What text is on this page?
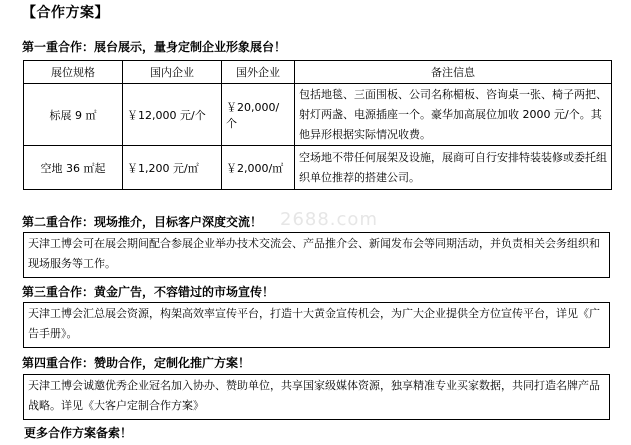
【合作方案】
2688.com
第一重合作：展台展示，量身定制企业形象展台！
展位规格	国内企业	国外企业	备注信息
标展 9 ㎡	￥12,000 元/个	￥20,000/个	包括地毯、三面围板、公司名称楣板、咨询桌一张、椅子两把、射灯两盏、电源插座一个。豪华加高展位加收 2000 元/个。其他异形根据实际情况收费。
空地 36 ㎡起	￥1,200 元/㎡	￥2,000/㎡	空场地不带任何展架及设施，展商可自行安排特装装修或委托组织单位推荐的搭建公司。
第二重合作：现场推介，目标客户深度交流！
天津工博会可在展会期间配合参展企业举办技术交流会、产品推介会、新闻发布会等同期活动，并负责相关会务组织和现场服务等工作。
第三重合作：黄金广告，不容错过的市场宣传！
天津工博会汇总展会资源，构架高效率宣传平台，打造十大黄金宣传机会，为广大企业提供全方位宣传平台，详见《广告手册》。
第四重合作：赞助合作，定制化推广方案！
天津工博会诚邀优秀企业冠名加入协办、赞助单位，共享国家级媒体资源，独享精准专业买家数据，共同打造名牌产品战略。详见《大客户定制合作方案》
更多合作方案备索！
